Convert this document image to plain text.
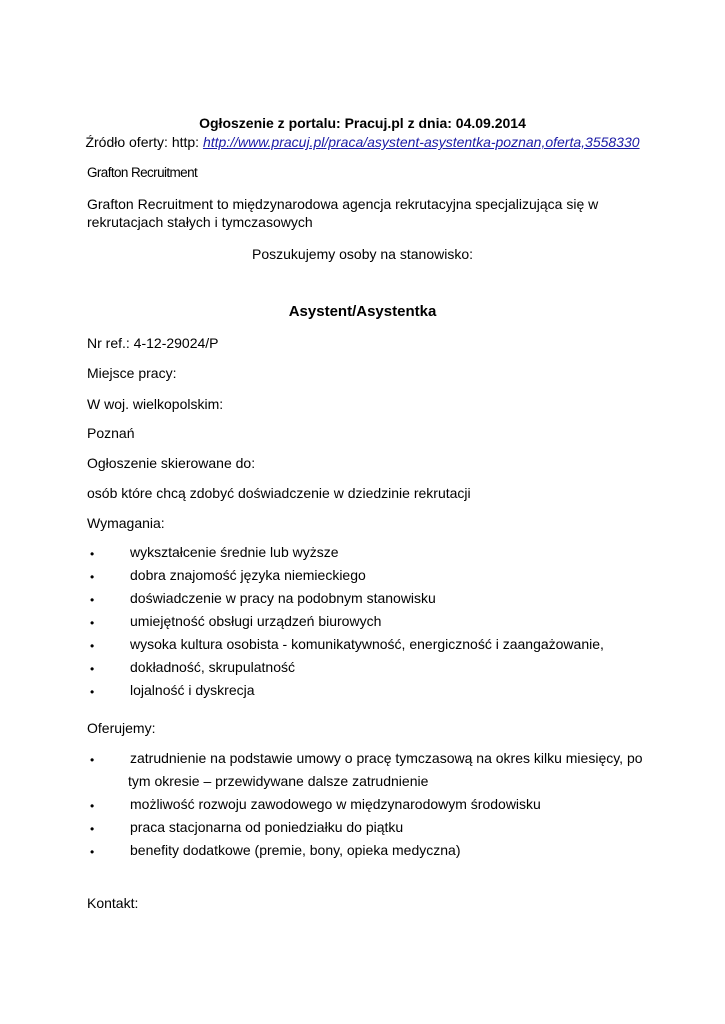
Ogłoszenie z portalu: Pracuj.pl z dnia: 04.09.2014
Źródło oferty: http: http://www.pracuj.pl/praca/asystent-asystentka-poznan,oferta,3558330
Grafton Recruitment
Grafton Recruitment to międzynarodowa agencja rekrutacyjna specjalizująca się w
rekrutacjach stałych i tymczasowych
Poszukujemy osoby na stanowisko:
Asystent/Asystentka
Nr ref.: 4-12-29024/P
Miejsce pracy:
W woj. wielkopolskim:
Poznań
Ogłoszenie skierowane do:
osób które chcą zdobyć doświadczenie w dziedzinie rekrutacji
Wymagania:
•	wykształcenie średnie lub wyższe
•	dobra znajomość języka niemieckiego
•	doświadczenie w pracy na podobnym stanowisku
•	umiejętność obsługi urządzeń biurowych
•	wysoka kultura osobista - komunikatywność, energiczność i zaangażowanie,
•	dokładność, skrupulatność
•	lojalność i dyskrecja
Oferujemy:
•	zatrudnienie na podstawie umowy o pracę tymczasową na okres kilku miesięcy, po
tym okresie – przewidywane dalsze zatrudnienie
•	możliwość rozwoju zawodowego w międzynarodowym środowisku
•	praca stacjonarna od poniedziałku do piątku
•	benefity dodatkowe (premie, bony, opieka medyczna)
Kontakt:
